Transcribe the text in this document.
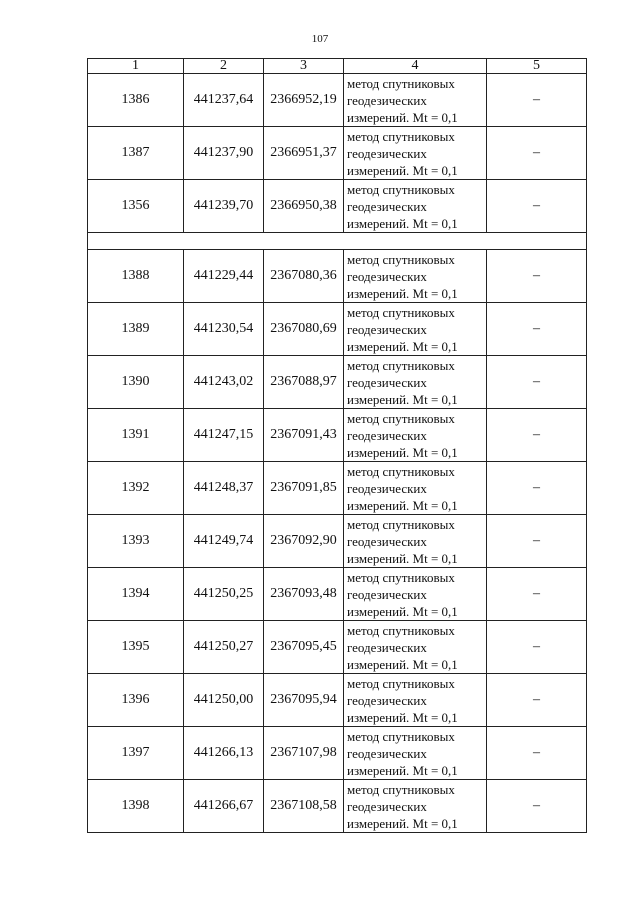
107
1	2	3	4	5
1386	441237,64	2366952,19	метод спутниковых
геодезических
измерений. Mt = 0,1	–
1387	441237,90	2366951,37	метод спутниковых
геодезических
измерений. Mt = 0,1	–
1356	441239,70	2366950,38	метод спутниковых
геодезических
измерений. Mt = 0,1	–

1388	441229,44	2367080,36	метод спутниковых
геодезических
измерений. Mt = 0,1	–
1389	441230,54	2367080,69	метод спутниковых
геодезических
измерений. Mt = 0,1	–
1390	441243,02	2367088,97	метод спутниковых
геодезических
измерений. Mt = 0,1	–
1391	441247,15	2367091,43	метод спутниковых
геодезических
измерений. Mt = 0,1	–
1392	441248,37	2367091,85	метод спутниковых
геодезических
измерений. Mt = 0,1	–
1393	441249,74	2367092,90	метод спутниковых
геодезических
измерений. Mt = 0,1	–
1394	441250,25	2367093,48	метод спутниковых
геодезических
измерений. Mt = 0,1	–
1395	441250,27	2367095,45	метод спутниковых
геодезических
измерений. Mt = 0,1	–
1396	441250,00	2367095,94	метод спутниковых
геодезических
измерений. Mt = 0,1	–
1397	441266,13	2367107,98	метод спутниковых
геодезических
измерений. Mt = 0,1	–
1398	441266,67	2367108,58	метод спутниковых
геодезических
измерений. Mt = 0,1	–
